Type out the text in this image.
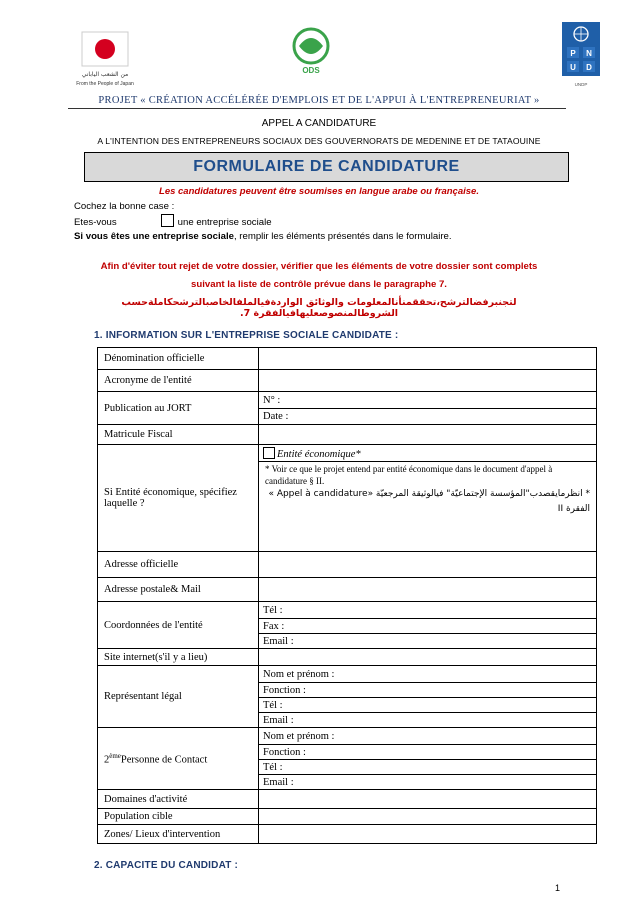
من الشعب الياباني
From the People of Japan
ODS
P N
U D
UNDP
PROJET « CRÉATION ACCÉLÉRÉE D'EMPLOIS ET DE L'APPUI À L'ENTREPRENEURIAT »
APPEL A CANDIDATURE
A L'INTENTION DES ENTREPRENEURS SOCIAUX DES GOUVERNORATS DE MEDENINE ET DE TATAOUINE
FORMULAIRE DE CANDIDATURE
Les candidatures peuvent être soumises en langue arabe ou française.
Cochez la bonne case :
Etes-vous	une entreprise sociale
Si vous êtes une entreprise sociale, remplir les éléments présentés dans le formulaire.
Afin d'éviter tout rejet de votre dossier, vérifier que les éléments de votre dossier sont complets
suivant la liste de contrôle prévue dans le paragraphe 7.
لتجنبرفضالترشح،تحققمنأنالمعلومات والوثائق الواردةفيالملفالخاصبالترشحكاملةحسب الشروطالمنصوصعليهافيالفقرة 7.
1. INFORMATION SUR L'ENTREPRISE SOCIALE CANDIDATE :
Dénomination officielle	
Acronyme de l'entité	
Publication au JORT	N° :
	Date :
Matricule Fiscal	
Si Entité économique, spécifiez laquelle ?	Entité économique*

	* Voir ce que le projet entend par entité économique dans le document d'appel à candidature § II.
* انظرمايقصدب"المؤسسة الإجتماعيّة" فيالوثيقة المرجعيّة «Appel à candidature » الفقرة II

Adresse officielle	
Adresse postale& Mail	
Coordonnées de l'entité	Tél :
	Fax :
	Email :
Site internet(s'il y a lieu)	
Représentant légal	Nom et prénom :
	Fonction :
	Tél :
	Email :
2èmePersonne de Contact	Nom et prénom :
	Fonction :
	Tél :
	Email :
Domaines d'activité	
Population cible	
Zones/ Lieux d'intervention	
2. CAPACITE DU CANDIDAT :
1
